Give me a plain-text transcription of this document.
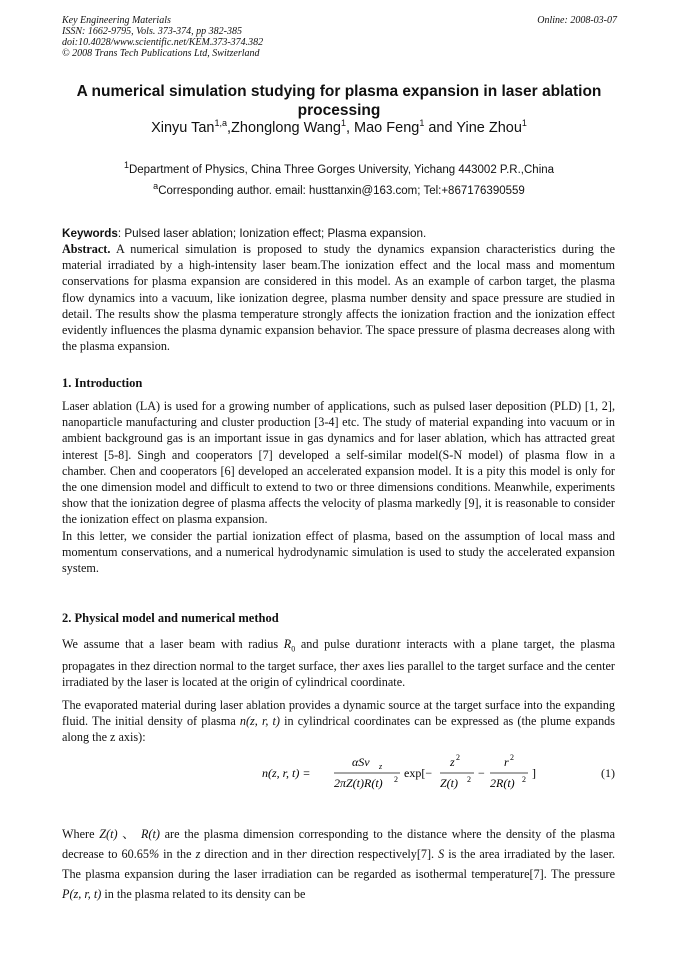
Key Engineering Materials
ISSN: 1662-9795, Vols. 373-374, pp 382-385
doi:10.4028/www.scientific.net/KEM.373-374.382
© 2008 Trans Tech Publications Ltd, Switzerland
Online: 2008-03-07
A numerical simulation studying for plasma expansion in laser ablation processing
Xinyu Tan$^{1,a}$,Zhonglong Wang$^1$, Mao Feng$^1$ and Yine Zhou$^1$
$^1$Department of Physics, China Three Gorges University, Yichang 443002 P.R.,China
$^a$Corresponding author. email: husttanxin@163.com; Tel:+867176390559
Keywords: Pulsed laser ablation; Ionization effect; Plasma expansion.
Abstract. A numerical simulation is proposed to study the dynamics expansion characteristics during the material irradiated by a high-intensity laser beam.The ionization effect and the local mass and momentum conservations for plasma expansion are considered in this model. As an example of carbon target, the plasma flow dynamics into a vacuum, like ionization degree, plasma number density and space pressure are studied in detail. The results show the plasma temperature strongly affects the ionization fraction and the ionization effect evidently influences the plasma dynamic expansion behavior. The space pressure of plasma decreases along with the plasma expansion.
1. Introduction

Laser ablation (LA) is used for a growing number of applications, such as pulsed laser deposition (PLD) [1, 2], nanoparticle manufacturing and cluster production [3-4] etc. The study of material expanding into vacuum or in ambient background gas is an important issue in gas dynamics and for laser ablation, which has attracted great interest [5-8]. Singh and cooperators [7] developed a self-similar model(S-N model) of plasma flow in a chamber. Chen and cooperators [6] developed an accelerated expansion model. It is a pity this model is only for the one dimension model and difficult to extend to two or three dimensions conditions. Meanwhile, experiments show that the ionization degree of plasma affects the velocity of plasma markedly [9], it is reasonable to consider the ionization effect on plasma expansion.

In this letter, we consider the partial ionization effect of plasma, based on the assumption of local mass and momentum conservations, and a numerical hydrodynamic simulation is used to study the accelerated expansion system.

2. Physical model and numerical method
We assume that a laser beam with radius $R_0$ and pulse durationτ interacts with a plane target, the plasma propagates in thez direction normal to the target surface, ther axes lies parallel to the target surface and the center irradiated by the laser is located at the origin of cylindrical coordinate.
The evaporated material during laser ablation provides a dynamic source at the target surface into the expanding fluid. The initial density of plasma n(z, r, t) in cylindrical coordinates can be expressed as (the plume expands along the z axis):
n(z, r, t) =
αSv z
2πZ(t)R(t) 2 exp[−
z 2
Z(t) 2 −
r 2
2R(t) 2 ]	(1)
Where Z(t) 、 R(t) are the plasma dimension corresponding to the distance where the density of the plasma decrease to 60.65% in the z direction and in ther direction respectively[7]. S is the area irradiated by the laser. The plasma expansion during the laser irradiation can be regarded as isothermal temperature[7]. The pressure P(z, r, t) in the plasma related to its density can be
